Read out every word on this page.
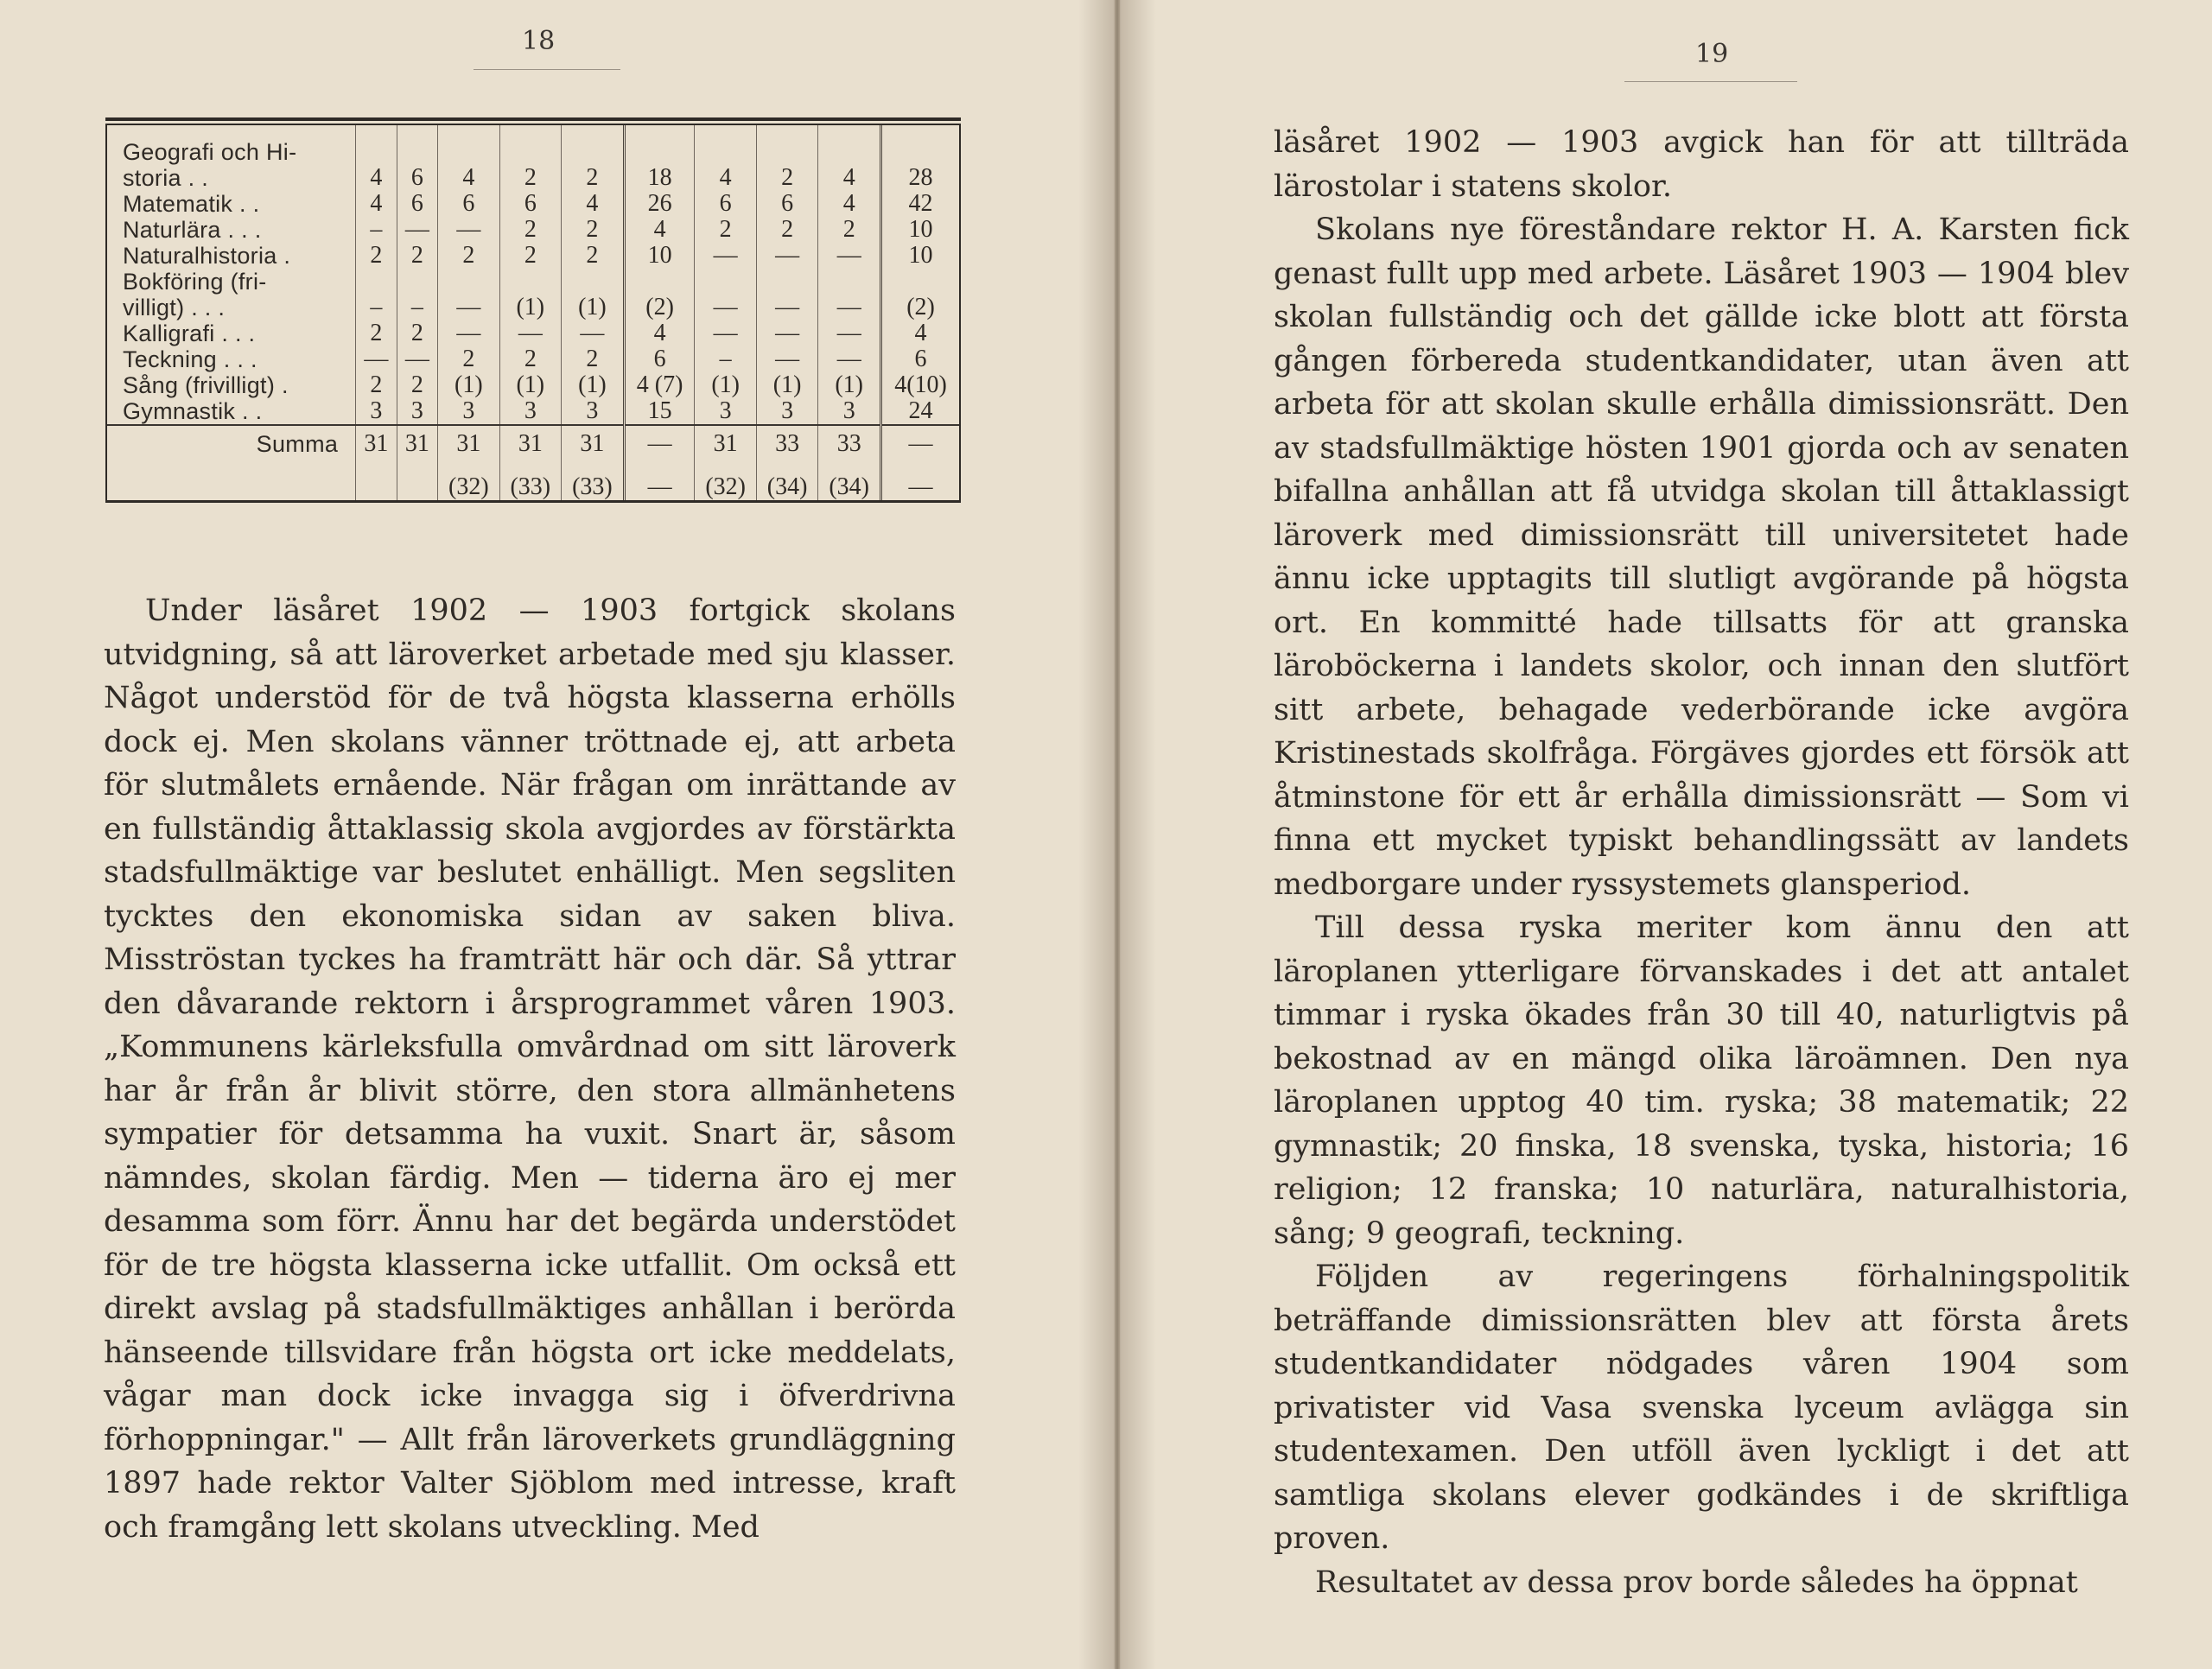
18
Geografi och Hi-										
storia . .	4	6	4	2	2	18	4	2	4	28
Matematik . .	4	6	6	6	4	26	6	6	4	42
Naturlära . . .	–	—	—	2	2	4	2	2	2	10
Naturalhistoria .	2	2	2	2	2	10	—	—	—	10
Bokföring (fri-										
villigt) . . .	–	–	—	(1)	(1)	(2)	—	—	—	(2)
Kalligrafi . . .	2	2	—	—	—	4	—	—	—	4
Teckning . . .	—	—	2	2	2	6	–	—	—	6
Sång (frivilligt) .	2	2	(1)	(1)	(1)	4 (7)	(1)	(1)	(1)	4(10)
Gymnastik . .	3	3	3	3	3	15	3	3	3	24
Summa	31	31	31	31	31	—	31	33	33	—
			(32)	(33)	(33)	—	(32)	(34)	(34)	—

Under läsåret 1902 — 1903 fortgick skolans utvidgning, så att läroverket arbetade med sju klasser. Något understöd för de två högsta klasserna erhölls dock ej. Men skolans vänner tröttnade ej, att arbeta för slutmålets ernående. När frågan om inrättande av en fullständig åttaklassig skola avgjordes av förstärkta stadsfullmäktige var beslutet enhälligt. Men segsliten tycktes den ekonomiska sidan av saken bliva. Misströstan tyckes ha framträtt här och där. Så yttrar den dåvarande rektorn i årsprogrammet våren 1903. „Kommunens kärleksfulla omvårdnad om sitt läroverk har år från år blivit större, den stora allmänhetens sympatier för detsamma ha vuxit. Snart är, såsom nämndes, skolan färdig. Men — tiderna äro ej mer desamma som förr. Ännu har det begärda understödet för de tre högsta klasserna icke utfallit. Om också ett direkt avslag på stadsfullmäktiges anhållan i berörda hänseende tillsvidare från högsta ort icke meddelats, vågar man dock icke invagga sig i öfverdrivna förhoppningar." — Allt från läroverkets grundläggning 1897 hade rektor Valter Sjöblom med intresse, kraft och framgång lett skolans utveckling. Med

19

läsåret 1902 — 1903 avgick han för att tillträda lärostolar i statens skolor.

Skolans nye föreståndare rektor H. A. Karsten fick genast fullt upp med arbete. Läsåret 1903 — 1904 blev skolan fullständig och det gällde icke blott att första gången förbereda studentkandidater, utan även att arbeta för att skolan skulle erhålla dimissionsrätt. Den av stadsfullmäktige hösten 1901 gjorda och av senaten bifallna anhållan att få utvidga skolan till åttaklassigt läroverk med dimissionsrätt till universitetet hade ännu icke upptagits till slutligt avgörande på högsta ort. En kommitté hade tillsatts för att granska läroböckerna i landets skolor, och innan den slutfört sitt arbete, behagade vederbörande icke avgöra Kristinestads skolfråga. Förgäves gjordes ett försök att åtminstone för ett år erhålla dimissionsrätt — Som vi finna ett mycket typiskt behandlingssätt av landets medborgare under ryssystemets glansperiod.

Till dessa ryska meriter kom ännu den att läroplanen ytterligare förvanskades i det att antalet timmar i ryska ökades från 30 till 40, naturligtvis på bekostnad av en mängd olika läroämnen. Den nya läroplanen upptog 40 tim. ryska; 38 matematik; 22 gymnastik; 20 finska, 18 svenska, tyska, historia; 16 religion; 12 franska; 10 naturlära, naturalhistoria, sång; 9 geografi, teckning.

Följden av regeringens förhalningspolitik beträffande dimissionsrätten blev att första årets studentkandidater nödgades våren 1904 som privatister vid Vasa svenska lyceum avlägga sin studentexamen. Den utföll även lyckligt i det att samtliga skolans elever godkändes i de skriftliga proven.

Resultatet av dessa prov borde således ha öppnat
